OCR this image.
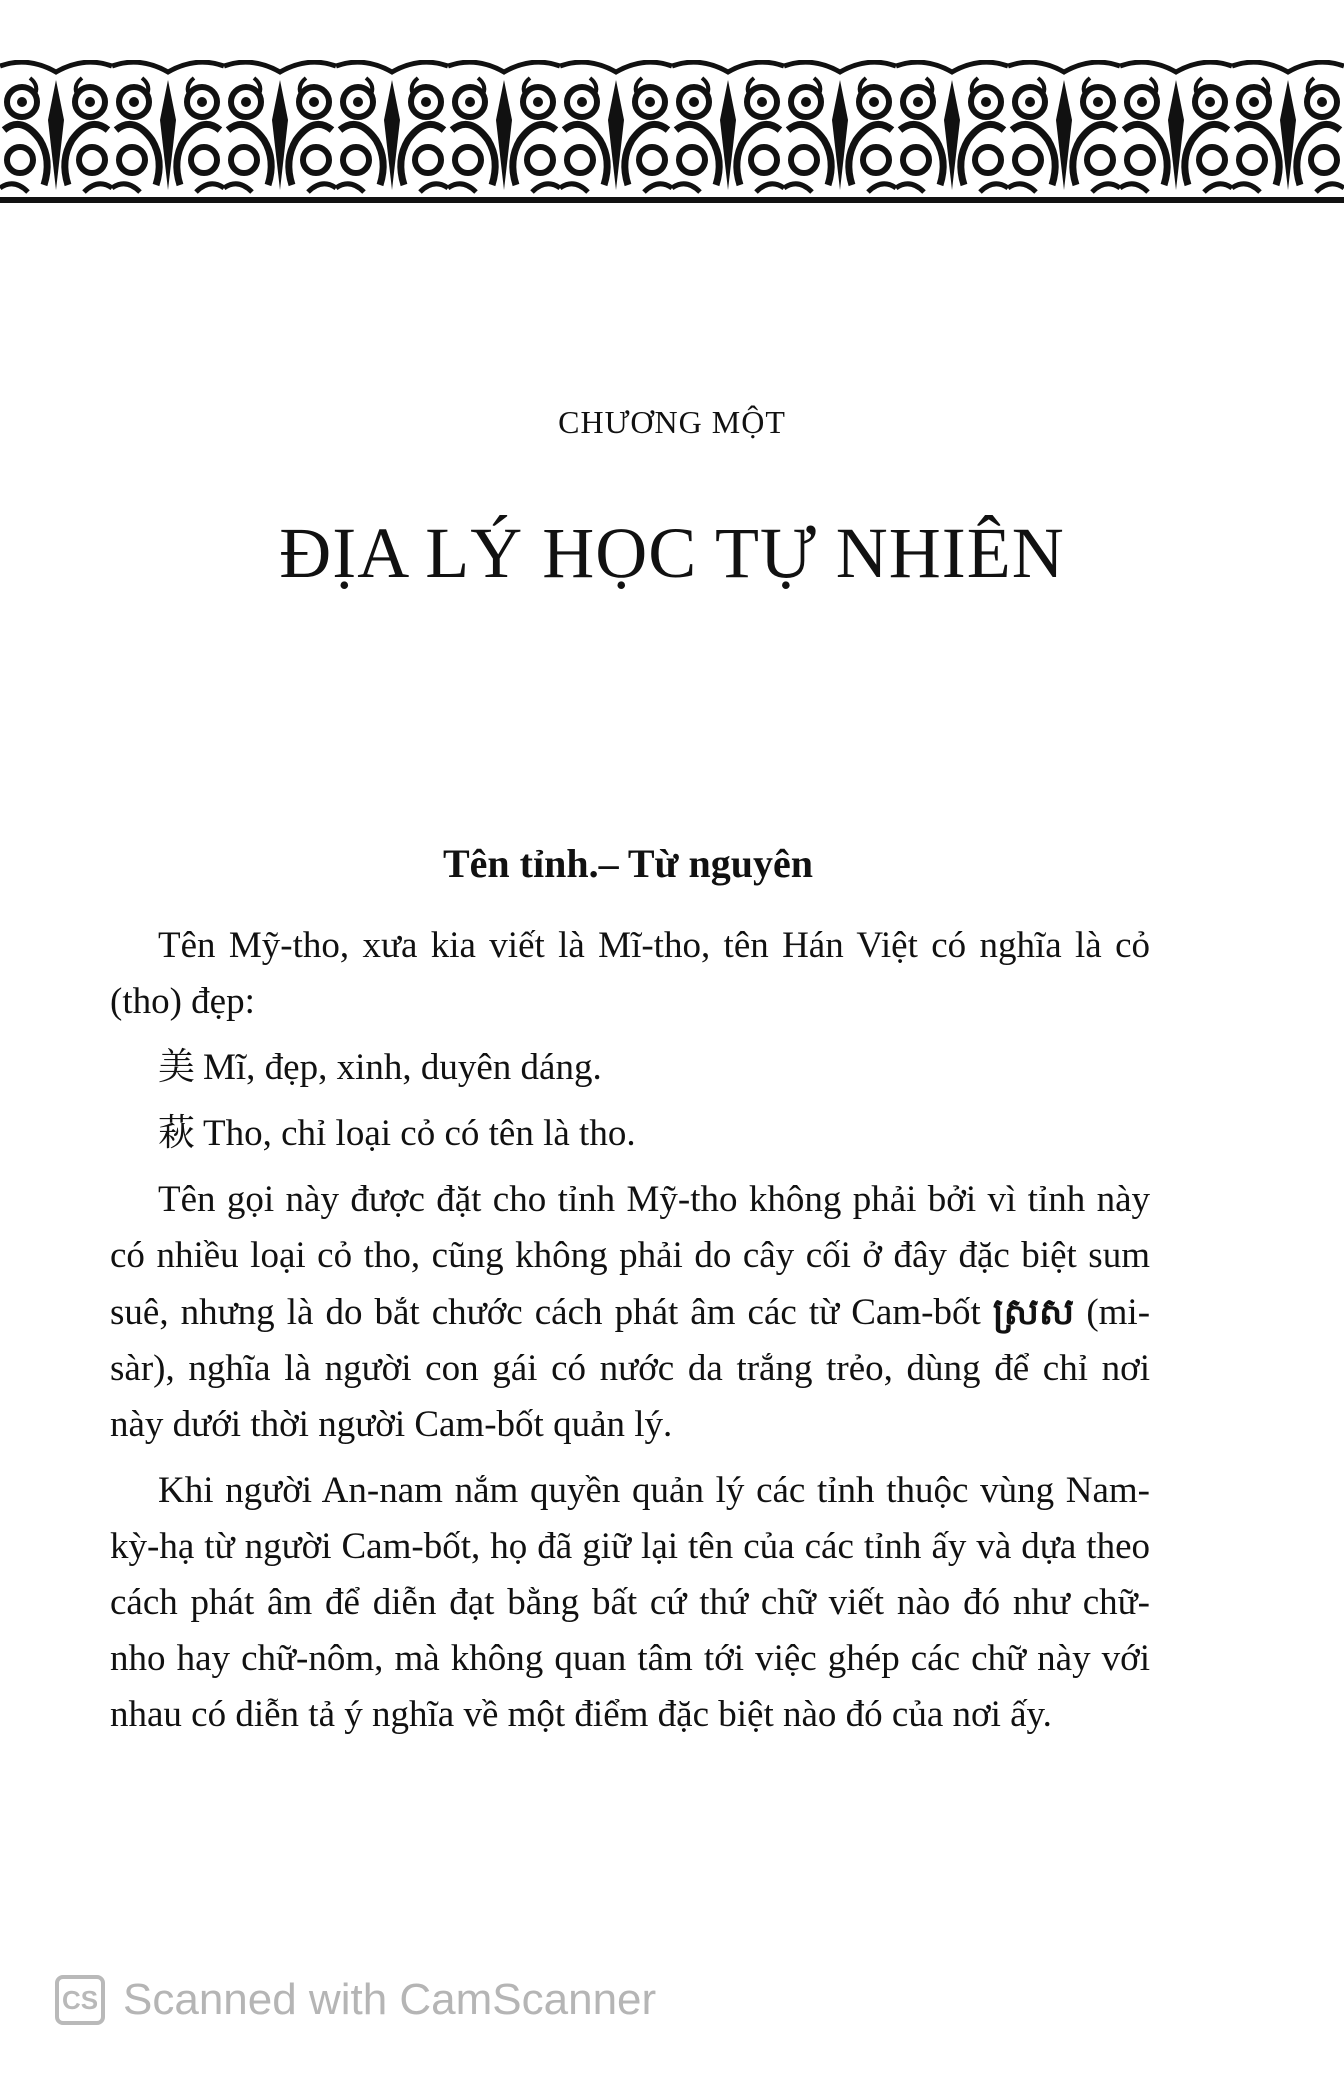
CHƯƠNG MỘT
ĐỊA LÝ HỌC TỰ NHIÊN
Tên tỉnh.– Từ nguyên

Tên Mỹ-tho, xưa kia viết là Mĩ-tho, tên Hán Việt có nghĩa là cỏ (tho) đẹp:

美 Mĩ, đẹp, xinh, duyên dáng.

萩 Tho, chỉ loại cỏ có tên là tho.

Tên gọi này được đặt cho tỉnh Mỹ-tho không phải bởi vì tỉnh này có nhiều loại cỏ tho, cũng không phải do cây cối ở đây đặc biệt sum suê, nhưng là do bắt chước cách phát âm các từ Cam-bốt ស្រស (mi-sàr), nghĩa là người con gái có nước da trắng trẻo, dùng để chỉ nơi này dưới thời người Cam-bốt quản lý.

Khi người An-nam nắm quyền quản lý các tỉnh thuộc vùng Nam-kỳ-hạ từ người Cam-bốt, họ đã giữ lại tên của các tỉnh ấy và dựa theo cách phát âm để diễn đạt bằng bất cứ thứ chữ viết nào đó như chữ-nho hay chữ-nôm, mà không quan tâm tới việc ghép các chữ này với nhau có diễn tả ý nghĩa về một điểm đặc biệt nào đó của nơi ấy.

CS Scanned with CamScanner
